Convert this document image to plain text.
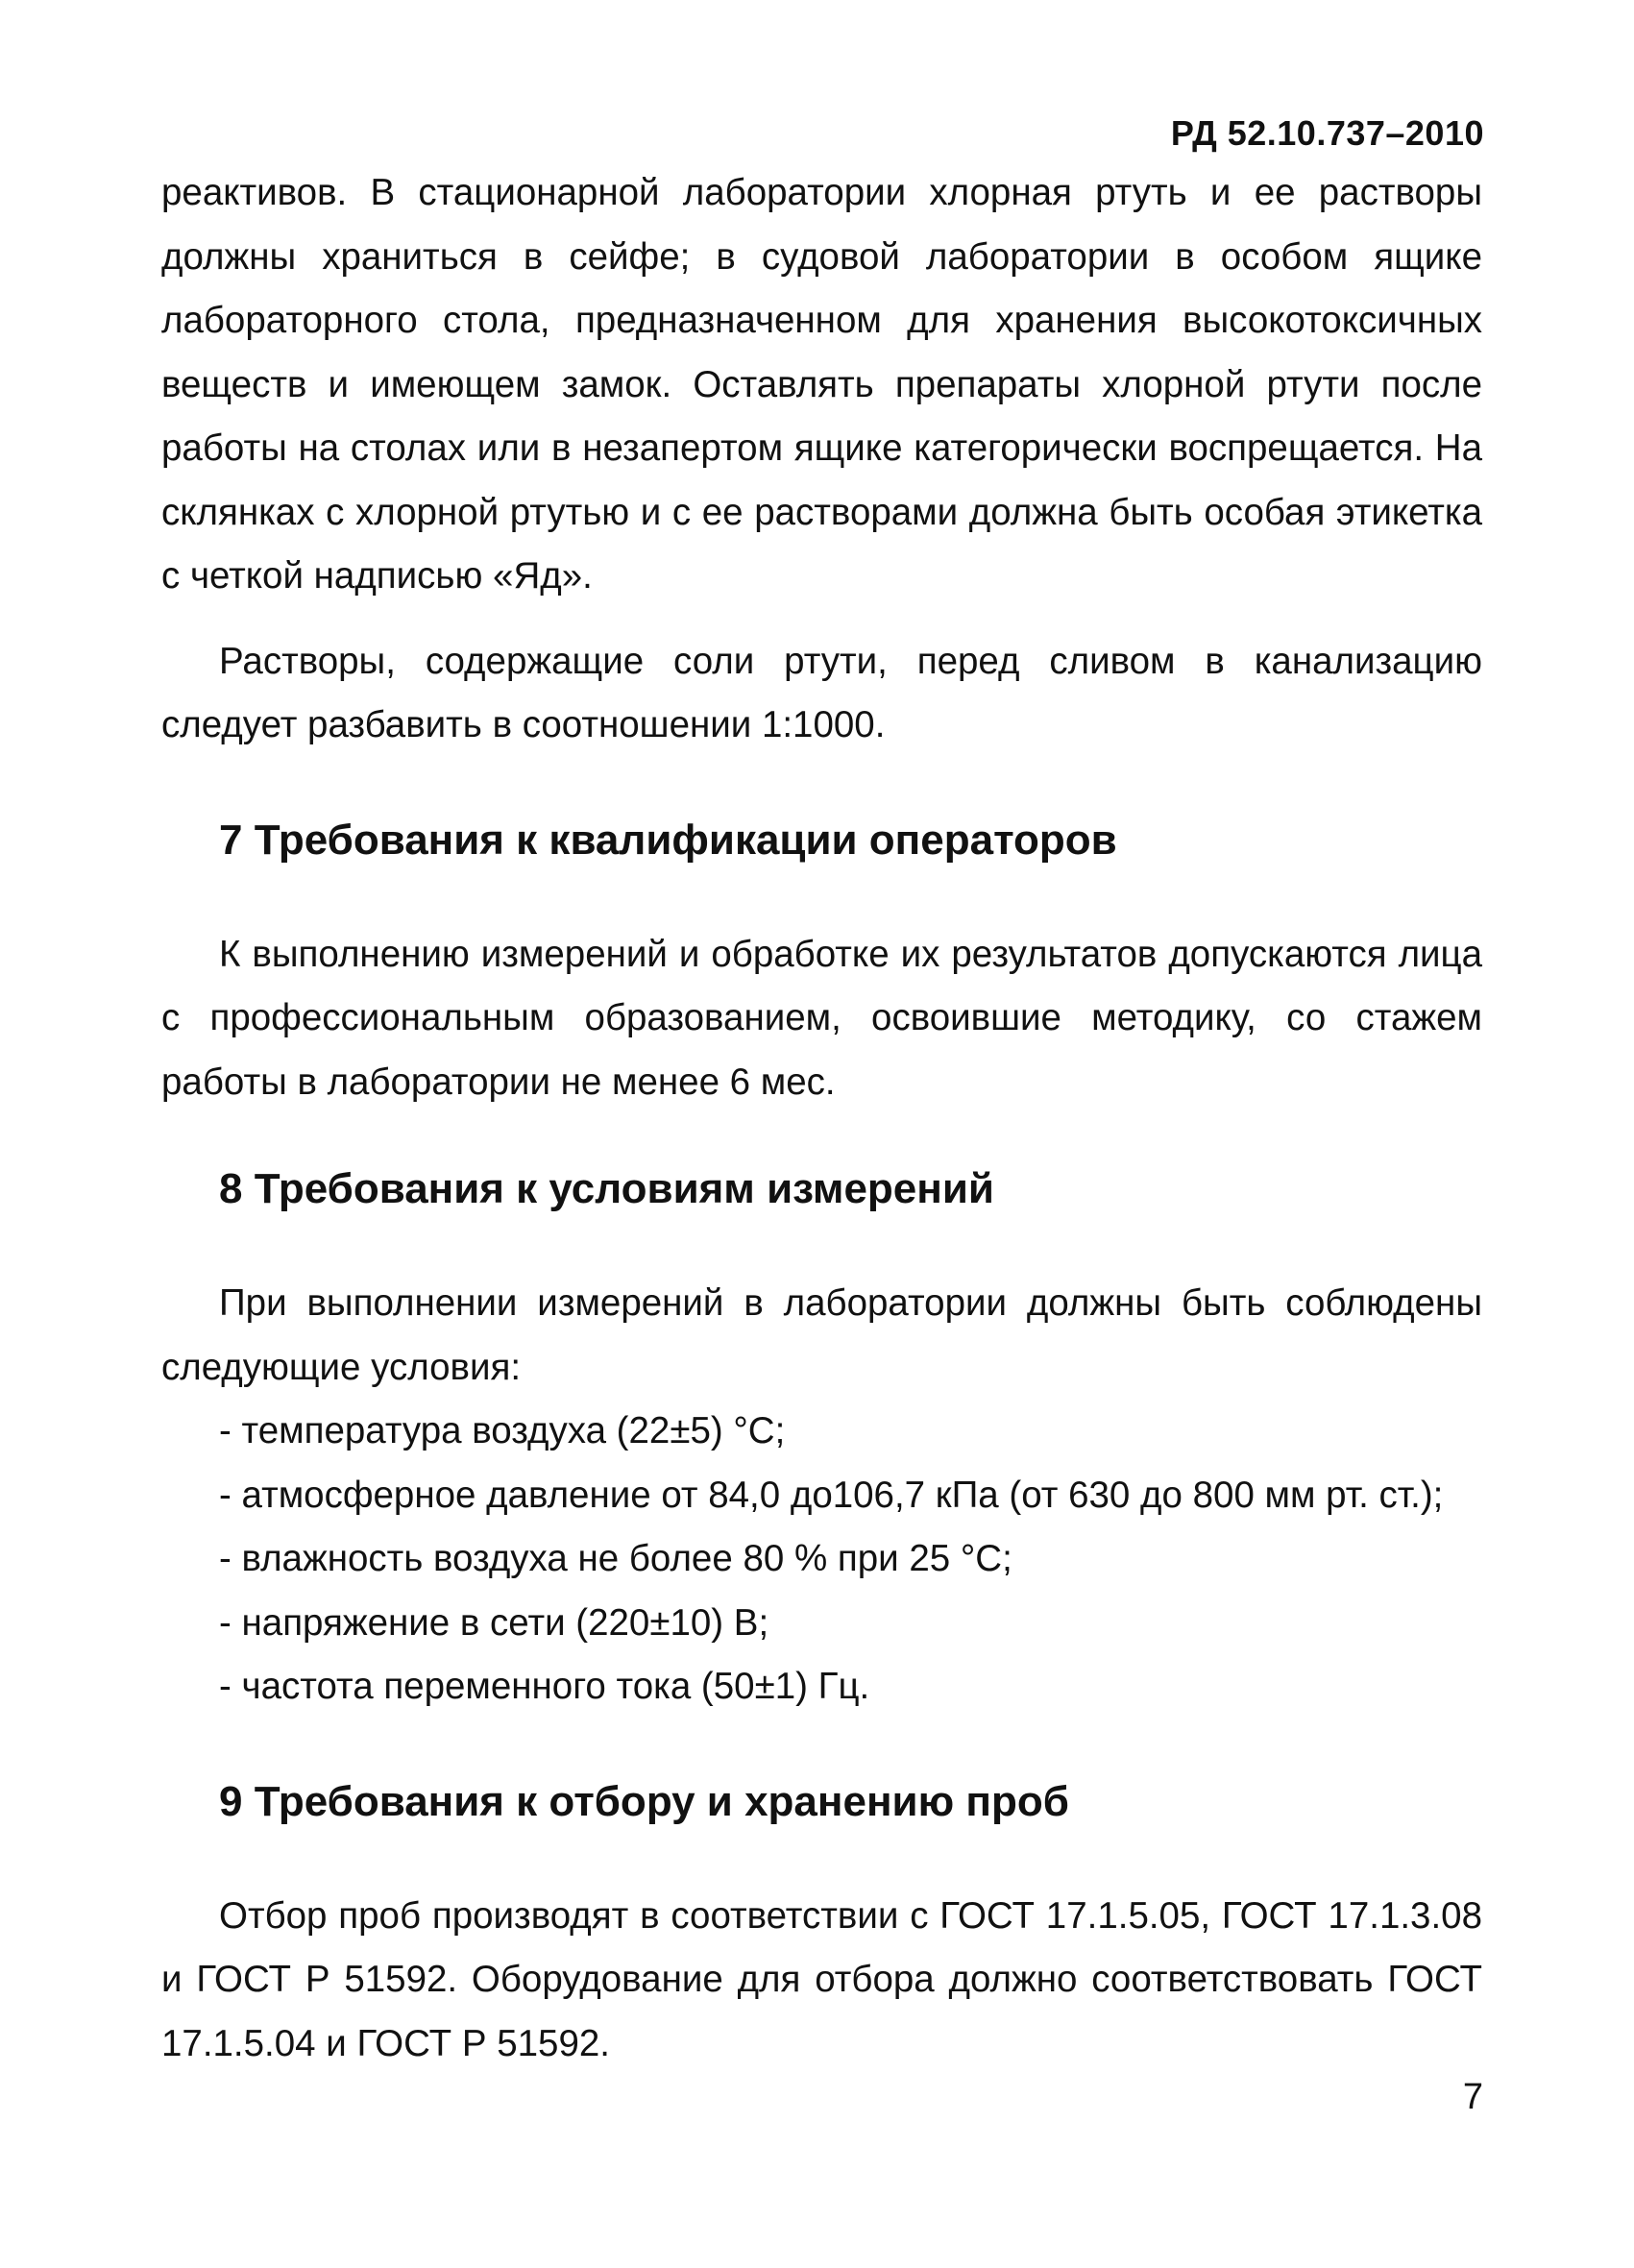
РД 52.10.737–2010

реактивов. В стационарной лаборатории хлорная ртуть и ее растворы должны храниться в сейфе; в судовой лаборатории в особом ящике лабораторного стола, предназначенном для хранения высокотоксичных веществ и имеющем замок. Оставлять препараты хлорной ртути после работы на столах или в незапертом ящике категорически воспрещается. На склянках с хлорной ртутью и с ее растворами должна быть особая этикетка с четкой надписью «Яд».

Растворы, содержащие соли ртути, перед сливом в канализацию следует разбавить в соотношении 1:1000.

7 Требования к квалификации операторов

К выполнению измерений и обработке их результатов допускаются лица с профессиональным образованием, освоившие методику, со стажем работы в лаборатории не менее 6 мес.

8 Требования к условиям измерений

При выполнении измерений в лаборатории должны быть соблюдены следующие условия:

- температура воздуха (22±5) °С;

- атмосферное давление от 84,0 до106,7 кПа (от 630 до 800 мм рт. ст.);

- влажность воздуха не более 80 % при 25 °С;

- напряжение в сети (220±10) В;

- частота переменного тока (50±1) Гц.

9 Требования к отбору и хранению проб

Отбор проб производят в соответствии с ГОСТ 17.1.5.05, ГОСТ 17.1.3.08 и ГОСТ Р 51592. Оборудование для отбора должно соответствовать ГОСТ 17.1.5.04 и ГОСТ Р 51592.

7
